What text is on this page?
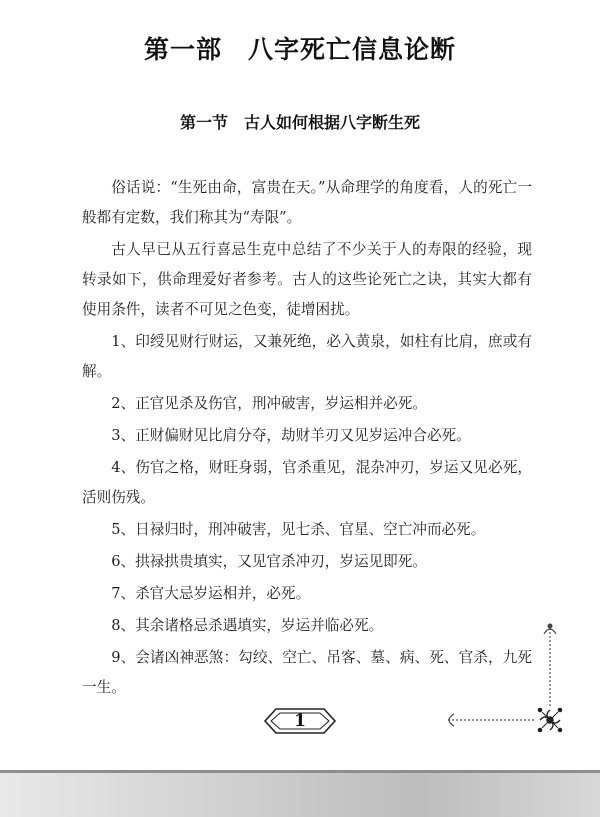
第一部　八字死亡信息论断
第一节　古人如何根据八字断生死

俗话说：“生死由命，富贵在天。”从命理学的角度看，人的死亡一般都有定数，我们称其为“寿限”。

古人早已从五行喜忌生克中总结了不少关于人的寿限的经验，现转录如下，供命理爱好者参考。古人的这些论死亡之诀，其实大都有使用条件，读者不可见之色变，徒增困扰。

1、印绶见财行财运，又兼死绝，必入黄泉，如柱有比肩，庶或有解。

2、正官见杀及伤官，刑冲破害，岁运相并必死。

3、正财偏财见比肩分夺，劫财羊刃又见岁运冲合必死。

4、伤官之格，财旺身弱，官杀重见，混杂冲刃，岁运又见必死，活则伤残。

5、日禄归时，刑冲破害，见七杀、官星、空亡冲而必死。

6、拱禄拱贵填实，又见官杀冲刃，岁运见即死。

7、杀官大忌岁运相并，必死。

8、其余诸格忌杀遇填实，岁运并临必死。

9、会诸凶神恶煞：勾绞、空亡、吊客、墓、病、死、官杀，九死一生。

1
